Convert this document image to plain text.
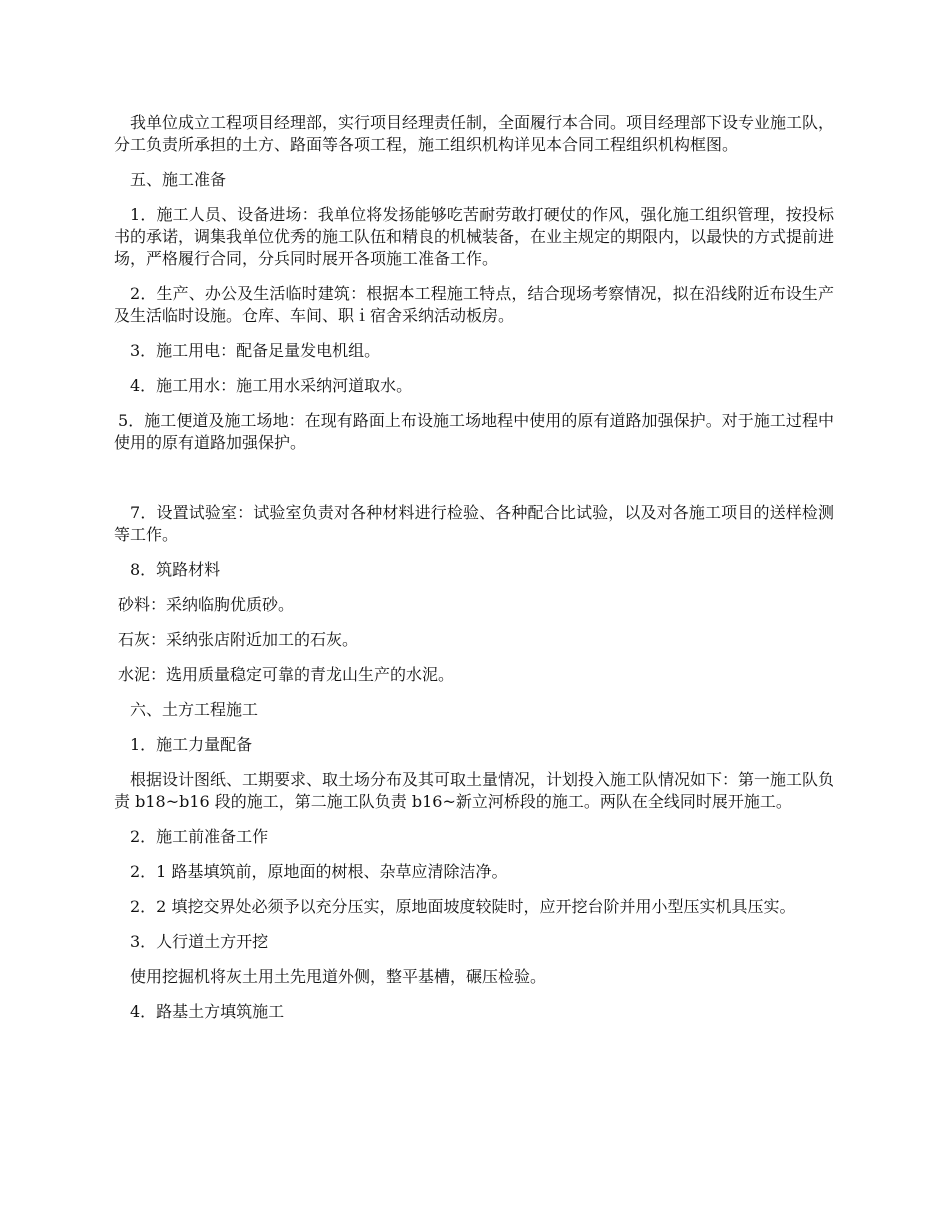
我单位成立工程项目经理部，实行项目经理责任制，全面履行本合同。项目经理部下设专业施工队，分工负责所承担的土方、路面等各项工程，施工组织机构详见本合同工程组织机构框图。

五、施工准备

1．施工人员、设备进场：我单位将发扬能够吃苦耐劳敢打硬仗的作风，强化施工组织管理，按投标书的承诺，调集我单位优秀的施工队伍和精良的机械装备，在业主规定的期限内，以最快的方式提前进场，严格履行合同，分兵同时展开各项施工准备工作。

2．生产、办公及生活临时建筑：根据本工程施工特点，结合现场考察情况，拟在沿线附近布设生产及生活临时设施。仓库、车间、职ｉ宿舍采纳活动板房。

3．施工用电：配备足量发电机组。

4．施工用水：施工用水采纳河道取水。

5．施工便道及施工场地：在现有路面上布设施工场地程中使用的原有道路加强保护。对于施工过程中使用的原有道路加强保护。

7．设置试验室：试验室负责对各种材料进行检验、各种配合比试验，以及对各施工项目的送样检测等工作。

8．筑路材料

砂料：采纳临朐优质砂。

石灰：采纳张店附近加工的石灰。

水泥：选用质量稳定可靠的青龙山生产的水泥。

六、土方工程施工

1．施工力量配备

根据设计图纸、工期要求、取土场分布及其可取土量情况，计划投入施工队情况如下：第一施工队负责 b18~b16 段的施工，第二施工队负责 b16~新立河桥段的施工。两队在全线同时展开施工。

2．施工前准备工作

2．1 路基填筑前，原地面的树根、杂草应清除洁净。

2．2 填挖交界处必须予以充分压实，原地面坡度较陡时，应开挖台阶并用小型压实机具压实。

3．人行道土方开挖

使用挖掘机将灰土用土先甩道外侧，整平基槽，碾压检验。

4．路基土方填筑施工
